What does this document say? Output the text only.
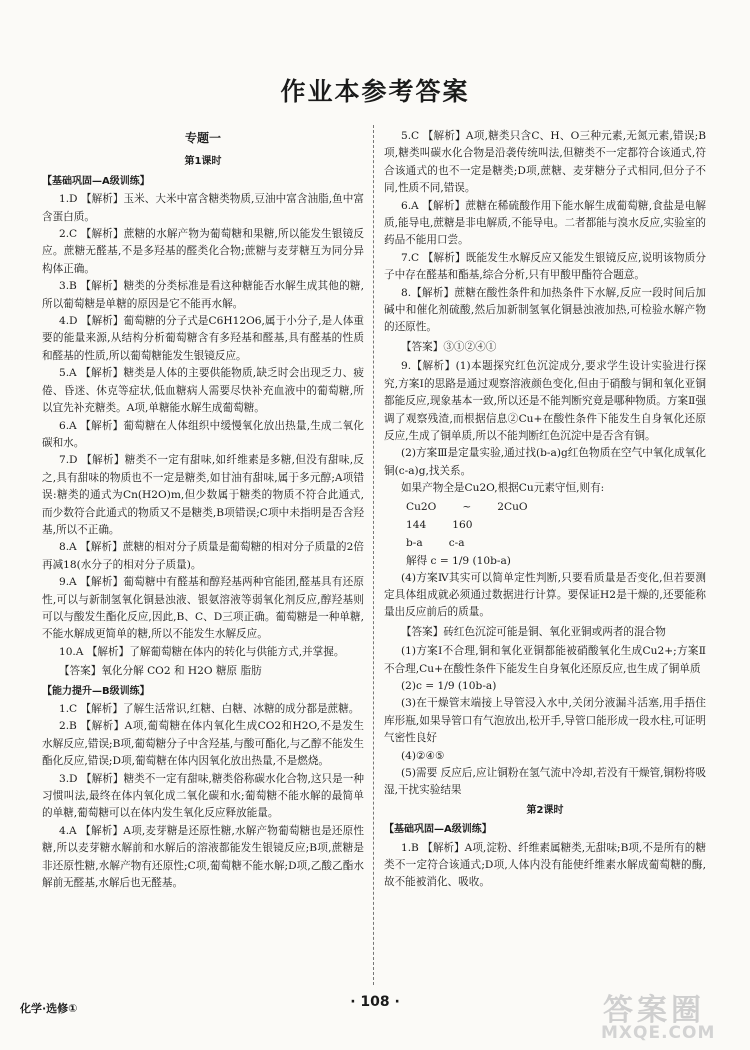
作业本参考答案
专题一
第1课时
【基础巩固—A级训练】

1.D 【解析】玉米、大米中富含糖类物质,豆油中富含油脂,鱼中富含蛋白质。

2.C 【解析】蔗糖的水解产物为葡萄糖和果糖,所以能发生银镜反应。蔗糖无醛基,不是多羟基的醛类化合物;蔗糖与麦芽糖互为同分异构体正确。

3.B 【解析】糖类的分类标准是看这种糖能否水解生成其他的糖,所以葡萄糖是单糖的原因是它不能再水解。

4.D 【解析】葡萄糖的分子式是C6H12O6,属于小分子,是人体重要的能量来源,从结构分析葡萄糖含有多羟基和醛基,具有醛基的性质和醛基的性质,所以葡萄糖能发生银镜反应。

5.A 【解析】糖类是人体的主要供能物质,缺乏时会出现乏力、疲倦、昏迷、休克等症状,低血糖病人需要尽快补充血液中的葡萄糖,所以宜先补充糖类。A项,单糖能水解生成葡萄糖。

6.A 【解析】葡萄糖在人体组织中缓慢氧化放出热量,生成二氧化碳和水。

7.D 【解析】糖类不一定有甜味,如纤维素是多糖,但没有甜味,反之,具有甜味的物质也不一定是糖类,如甘油有甜味,属于多元醇;A项错误:糖类的通式为Cn(H2O)m,但少数属于糖类的物质不符合此通式,而少数符合此通式的物质又不是糖类,B项错误;C项中未指明是否含羟基,所以不正确。

8.A 【解析】蔗糖的相对分子质量是葡萄糖的相对分子质量的2倍再减18(水分子的相对分子质量)。

9.A 【解析】葡萄糖中有醛基和醇羟基两种官能团,醛基具有还原性,可以与新制氢氧化铜悬浊液、银氨溶液等弱氧化剂反应,醇羟基则可以与酸发生酯化反应,因此,B、C、D三项正确。葡萄糖是一种单糖,不能水解成更简单的糖,所以不能发生水解反应。

10.A 【解析】了解葡萄糖在体内的转化与供能方式,并掌握。

【答案】氧化分解 CO2 和 H2O 糖原 脂肪

【能力提升—B级训练】

1.C 【解析】了解生活常识,红糖、白糖、冰糖的成分都是蔗糖。

2.B 【解析】A项,葡萄糖在体内氧化生成CO2和H2O,不是发生水解反应,错误;B项,葡萄糖分子中含羟基,与酸可酯化,与乙醇不能发生酯化反应,错误;D项,葡萄糖在体内因氧化放出热量,不是燃烧。

3.D 【解析】糖类不一定有甜味,糖类俗称碳水化合物,这只是一种习惯叫法,最终在体内氧化成二氧化碳和水;葡萄糖不能水解的最简单的单糖,葡萄糖可以在体内发生氧化反应释放能量。

4.A 【解析】A项,麦芽糖是还原性糖,水解产物葡萄糖也是还原性糖,所以麦芽糖水解前和水解后的溶液都能发生银镜反应;B项,蔗糖是非还原性糖,水解产物有还原性;C项,葡萄糖不能水解;D项,乙酸乙酯水解前无醛基,水解后也无醛基。

5.C 【解析】A项,糖类只含C、H、O三种元素,无氮元素,错误;B项,糖类叫碳水化合物是沿袭传统叫法,但糖类不一定都符合该通式,符合该通式的也不一定是糖类;D项,蔗糖、麦芽糖分子式相同,但分子不同,性质不同,错误。

6.A 【解析】蔗糖在稀硫酸作用下能水解生成葡萄糖,食盐是电解质,能导电,蔗糖是非电解质,不能导电。二者都能与溴水反应,实验室的药品不能用口尝。

7.C 【解析】既能发生水解反应又能发生银镜反应,说明该物质分子中存在醛基和酯基,综合分析,只有甲酸甲酯符合题意。

8.【解析】蔗糖在酸性条件和加热条件下水解,反应一段时间后加碱中和催化剂硫酸,然后加新制氢氧化铜悬浊液加热,可检验水解产物的还原性。

【答案】③①②④①

9.【解析】(1)本题探究红色沉淀成分,要求学生设计实验进行探究,方案Ⅰ的思路是通过观察溶液颜色变化,但由于硝酸与铜和氧化亚铜都能反应,现象基本一致,所以还是不能判断究竟是哪种物质。方案Ⅱ强调了观察残渣,而根据信息②Cu+在酸性条件下能发生自身氧化还原反应,生成了铜单质,所以不能判断红色沉淀中是否含有铜。

(2)方案Ⅲ是定量实验,通过找(b-a)g红色物质在空气中氧化成氧化铜(c-a)g,找关系。

如果产物全是Cu2O,根据Cu元素守恒,则有:

Cu2O ~ 2CuO
144 160
b-a c-a
解得 c = 1/9 (10b-a)

(4)方案Ⅳ其实可以简单定性判断,只要看质量是否变化,但若要测定具体组成就必须通过数据进行计算。要保证H2是干燥的,还要能称量出反应前后的质量。

【答案】砖红色沉淀可能是铜、氧化亚铜或两者的混合物

(1)方案Ⅰ不合理,铜和氧化亚铜都能被硝酸氧化生成Cu2+;方案Ⅱ不合理,Cu+在酸性条件下能发生自身氧化还原反应,也生成了铜单质

(2)c = 1/9 (10b-a)

(3)在干燥管末端接上导管浸入水中,关闭分液漏斗活塞,用手捂住库形瓶,如果导管口有气泡放出,松开手,导管口能形成一段水柱,可证明气密性良好

(4)②④⑤

(5)需要 反应后,应让铜粉在氢气流中冷却,若没有干燥管,铜粉将吸湿,干扰实验结果

第2课时
【基础巩固—A级训练】

1.B 【解析】A项,淀粉、纤维素属糖类,无甜味;B项,不是所有的糖类不一定符合该通式;D项,人体内没有能使纤维素水解成葡萄糖的酶,故不能被消化、吸收。

化学·选修①	· 108 ·	答案圈
MXQE.COM
